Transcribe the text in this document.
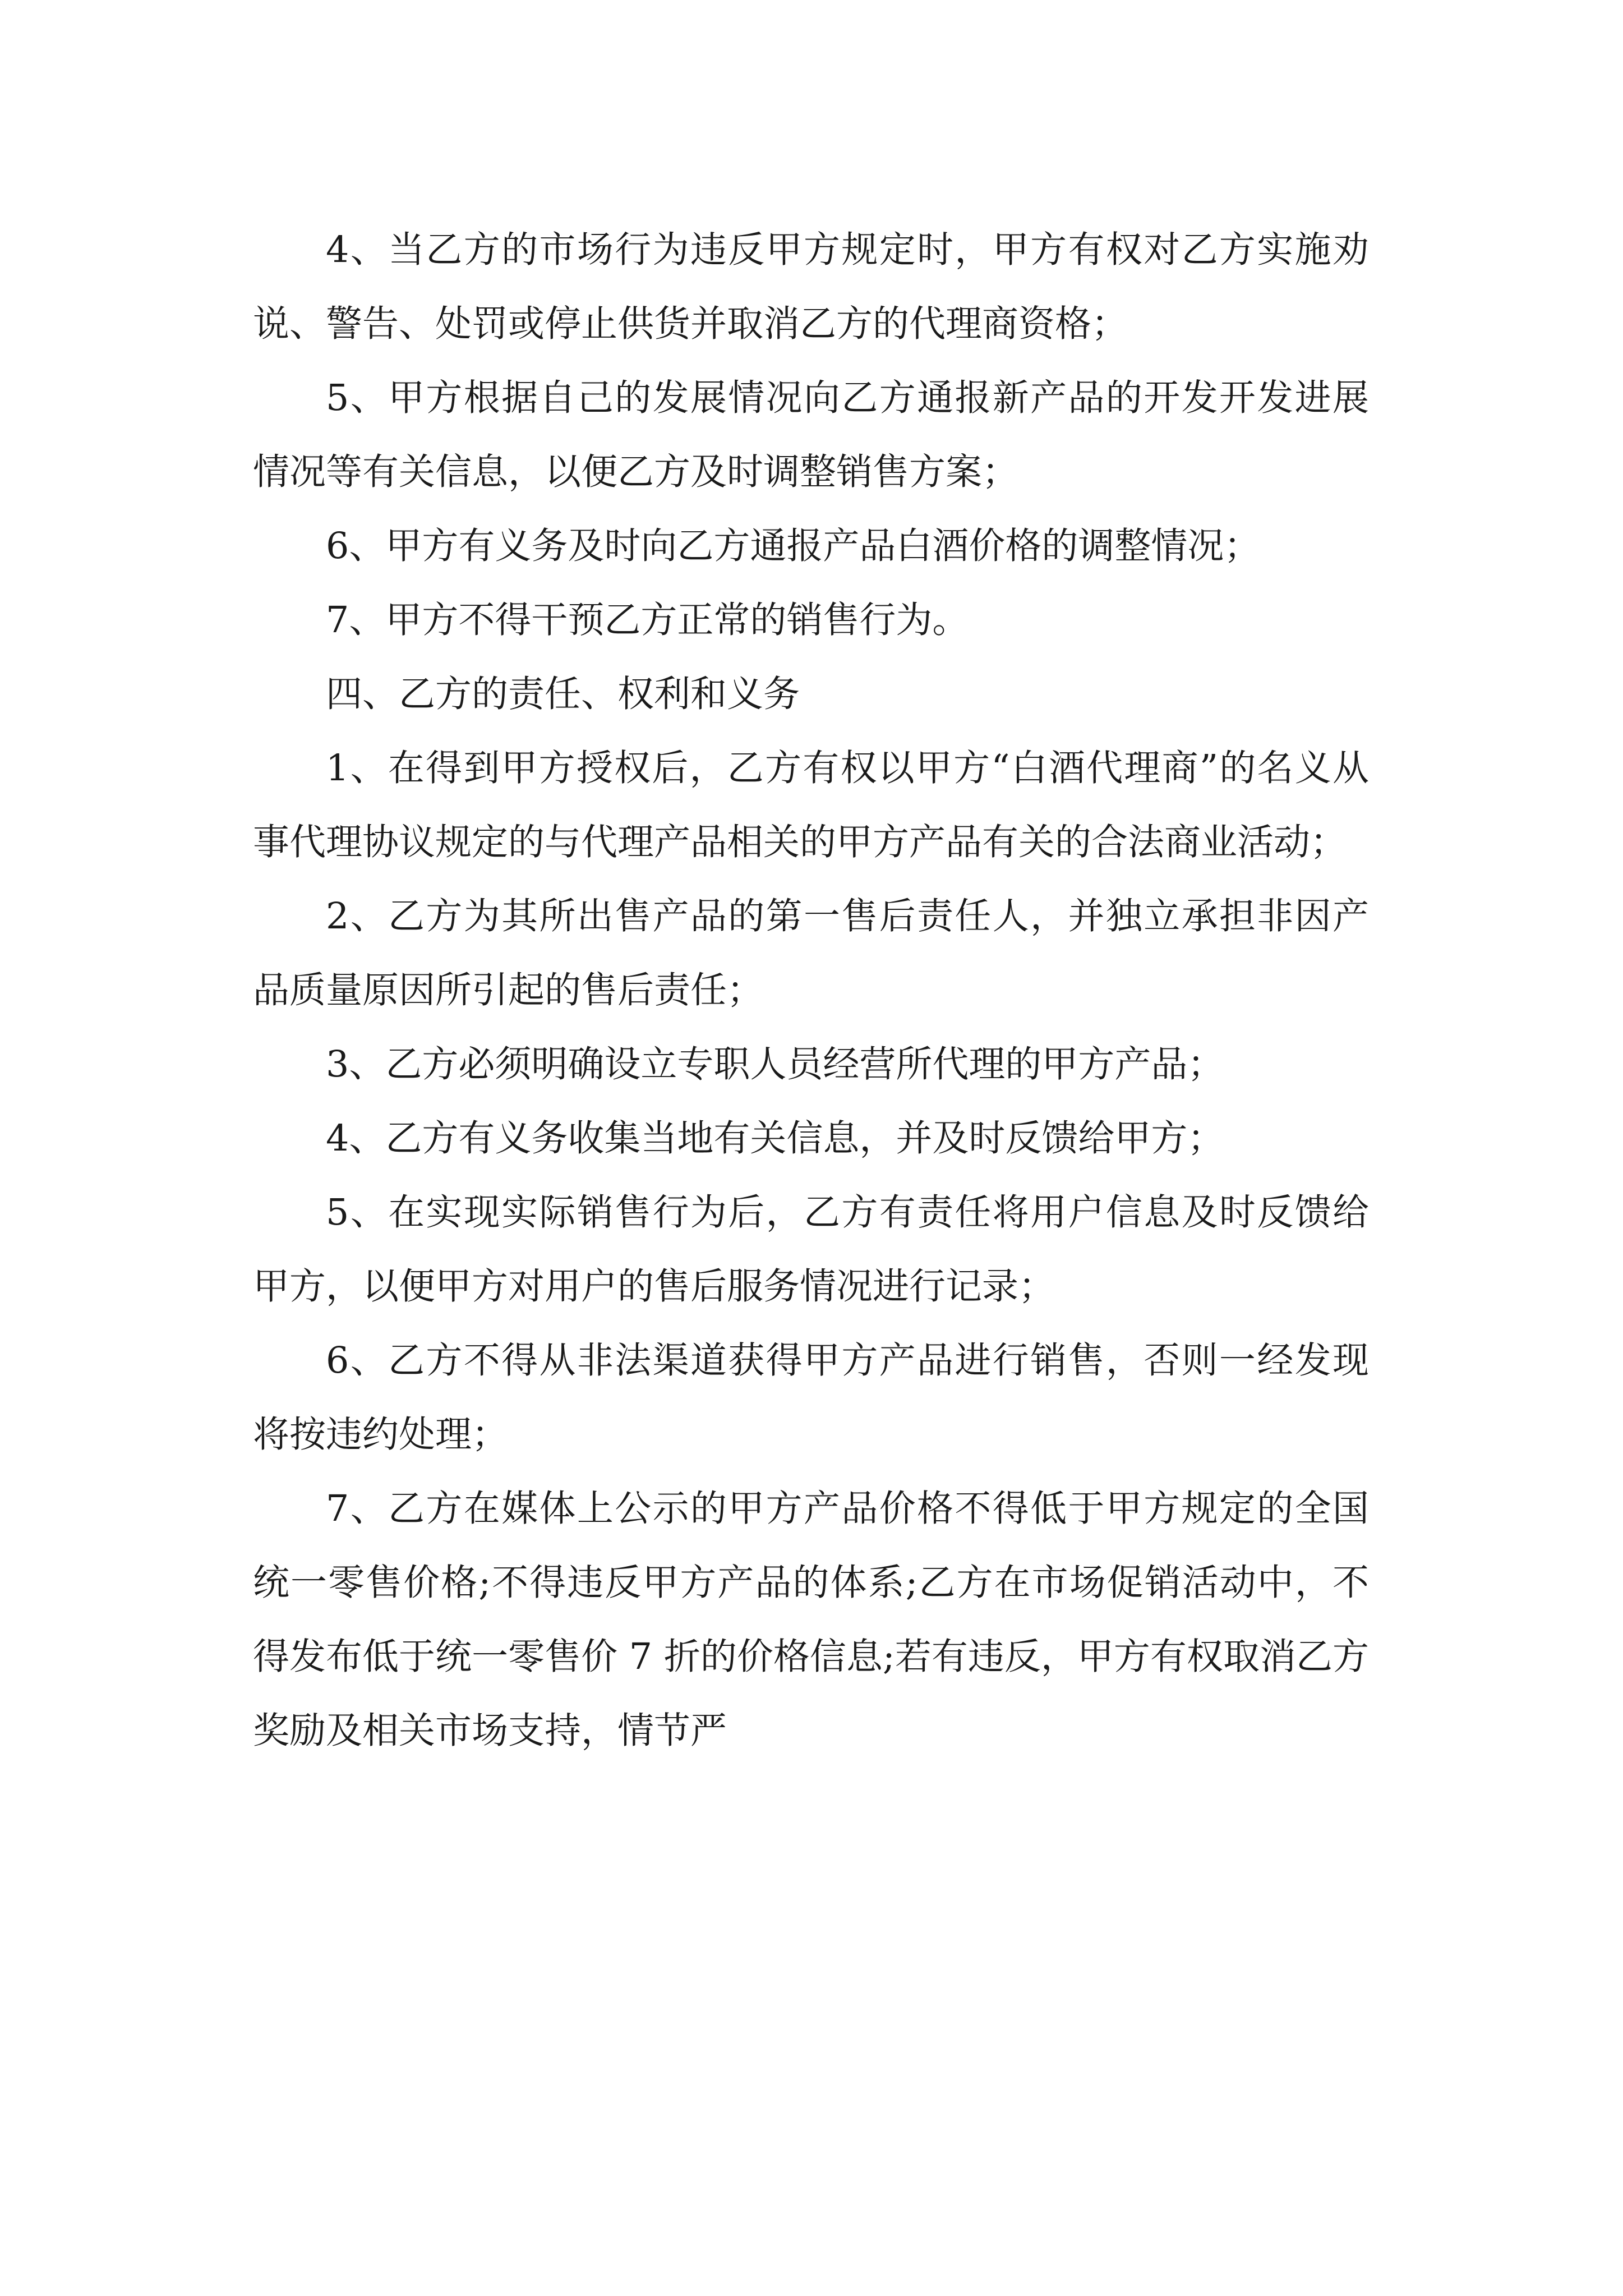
4、当乙方的市场行为违反甲方规定时，甲方有权对乙方实施劝说、警告、处罚或停止供货并取消乙方的代理商资格；

5、甲方根据自己的发展情况向乙方通报新产品的开发开发进展情况等有关信息，以便乙方及时调整销售方案；

6、甲方有义务及时向乙方通报产品白酒价格的调整情况；

7、甲方不得干预乙方正常的销售行为。

四、乙方的责任、权利和义务

1、在得到甲方授权后，乙方有权以甲方“白酒代理商”的名义从事代理协议规定的与代理产品相关的甲方产品有关的合法商业活动；

2、乙方为其所出售产品的第一售后责任人，并独立承担非因产品质量原因所引起的售后责任；

3、乙方必须明确设立专职人员经营所代理的甲方产品；

4、乙方有义务收集当地有关信息，并及时反馈给甲方；

5、在实现实际销售行为后，乙方有责任将用户信息及时反馈给甲方，以便甲方对用户的售后服务情况进行记录；

6、乙方不得从非法渠道获得甲方产品进行销售，否则一经发现将按违约处理；

7、乙方在媒体上公示的甲方产品价格不得低于甲方规定的全国统一零售价格;不得违反甲方产品的体系;乙方在市场促销活动中，不得发布低于统一零售价 7 折的价格信息;若有违反，甲方有权取消乙方奖励及相关市场支持，情节严
